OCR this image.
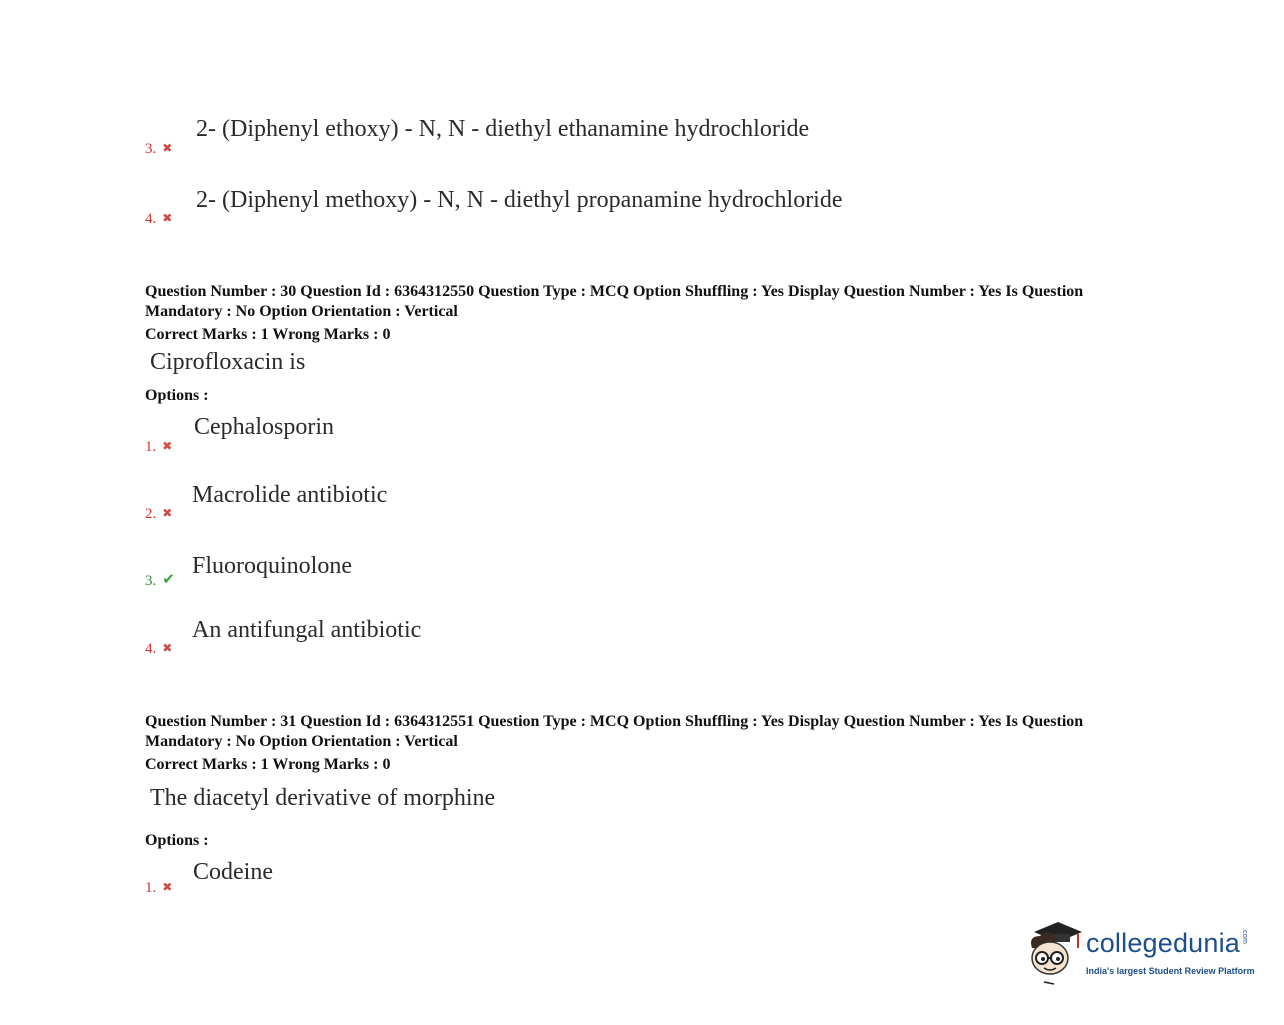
3. ✖
2- (Diphenyl ethoxy) - N, N - diethyl ethanamine hydrochloride
4. ✖
2- (Diphenyl methoxy) - N, N - diethyl propanamine hydrochloride
Question Number : 30 Question Id : 6364312550 Question Type : MCQ Option Shuffling : Yes Display Question Number : Yes Is Question Mandatory : No Option Orientation : Vertical
Correct Marks : 1 Wrong Marks : 0
Ciprofloxacin is
Options :
1. ✖
Cephalosporin
2. ✖
Macrolide antibiotic
3. ✔
Fluoroquinolone
4. ✖
An antifungal antibiotic
Question Number : 31 Question Id : 6364312551 Question Type : MCQ Option Shuffling : Yes Display Question Number : Yes Is Question Mandatory : No Option Orientation : Vertical
Correct Marks : 1 Wrong Marks : 0
The diacetyl derivative of morphine
Options :
1. ✖
Codeine
collegedunia.com
India's largest Student Review Platform
